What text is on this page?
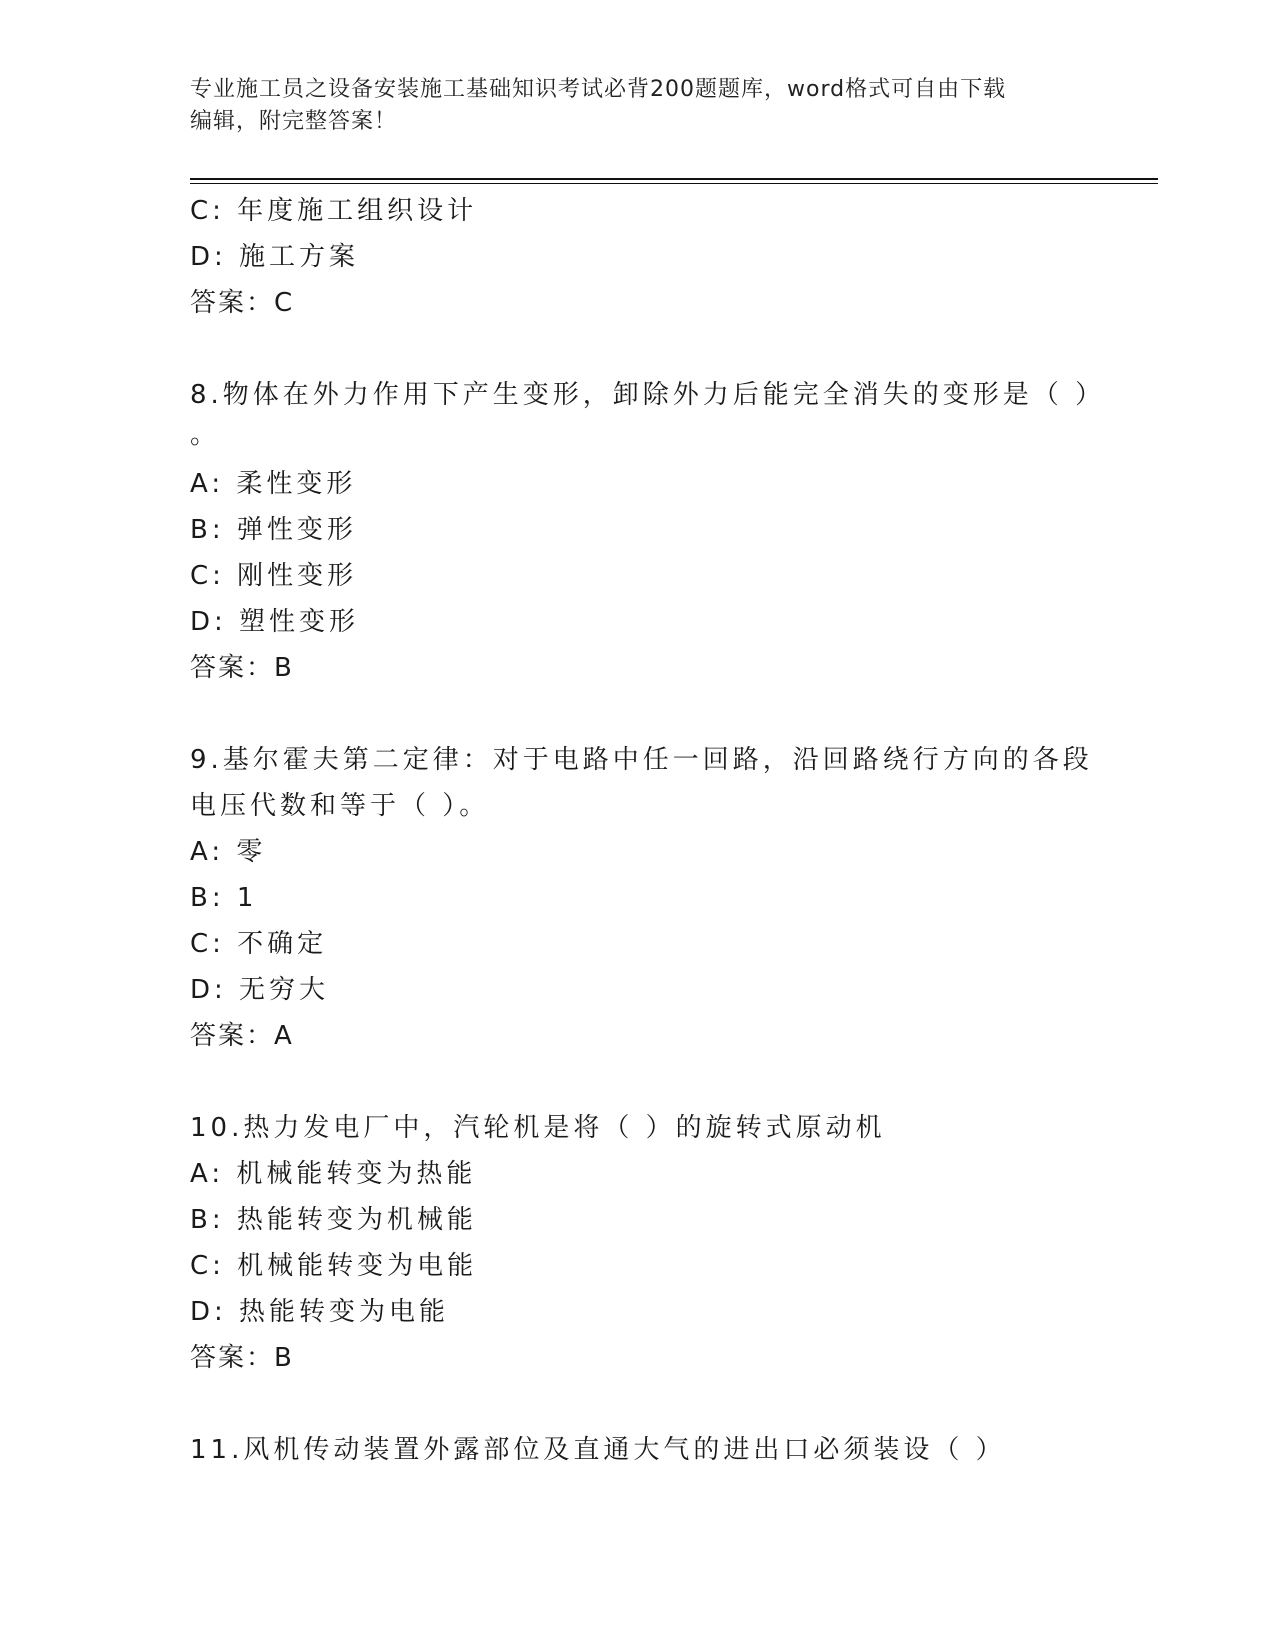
专业施工员之设备安装施工基础知识考试必背200题题库，word格式可自由下载
编辑，附完整答案！
C: 年度施工组织设计
D: 施工方案
答案：C
8.物体在外力作用下产生变形，卸除外力后能完全消失的变形是（ ）
。
A: 柔性变形
B: 弹性变形
C: 刚性变形
D: 塑性变形
答案：B
9.基尔霍夫第二定律：对于电路中任一回路，沿回路绕行方向的各段
电压代数和等于（ ）。
A: 零
B: 1
C: 不确定
D: 无穷大
答案：A
10.热力发电厂中，汽轮机是将（ ）的旋转式原动机
A: 机械能转变为热能
B: 热能转变为机械能
C: 机械能转变为电能
D: 热能转变为电能
答案：B
11.风机传动装置外露部位及直通大气的进出口必须装设（ ）
